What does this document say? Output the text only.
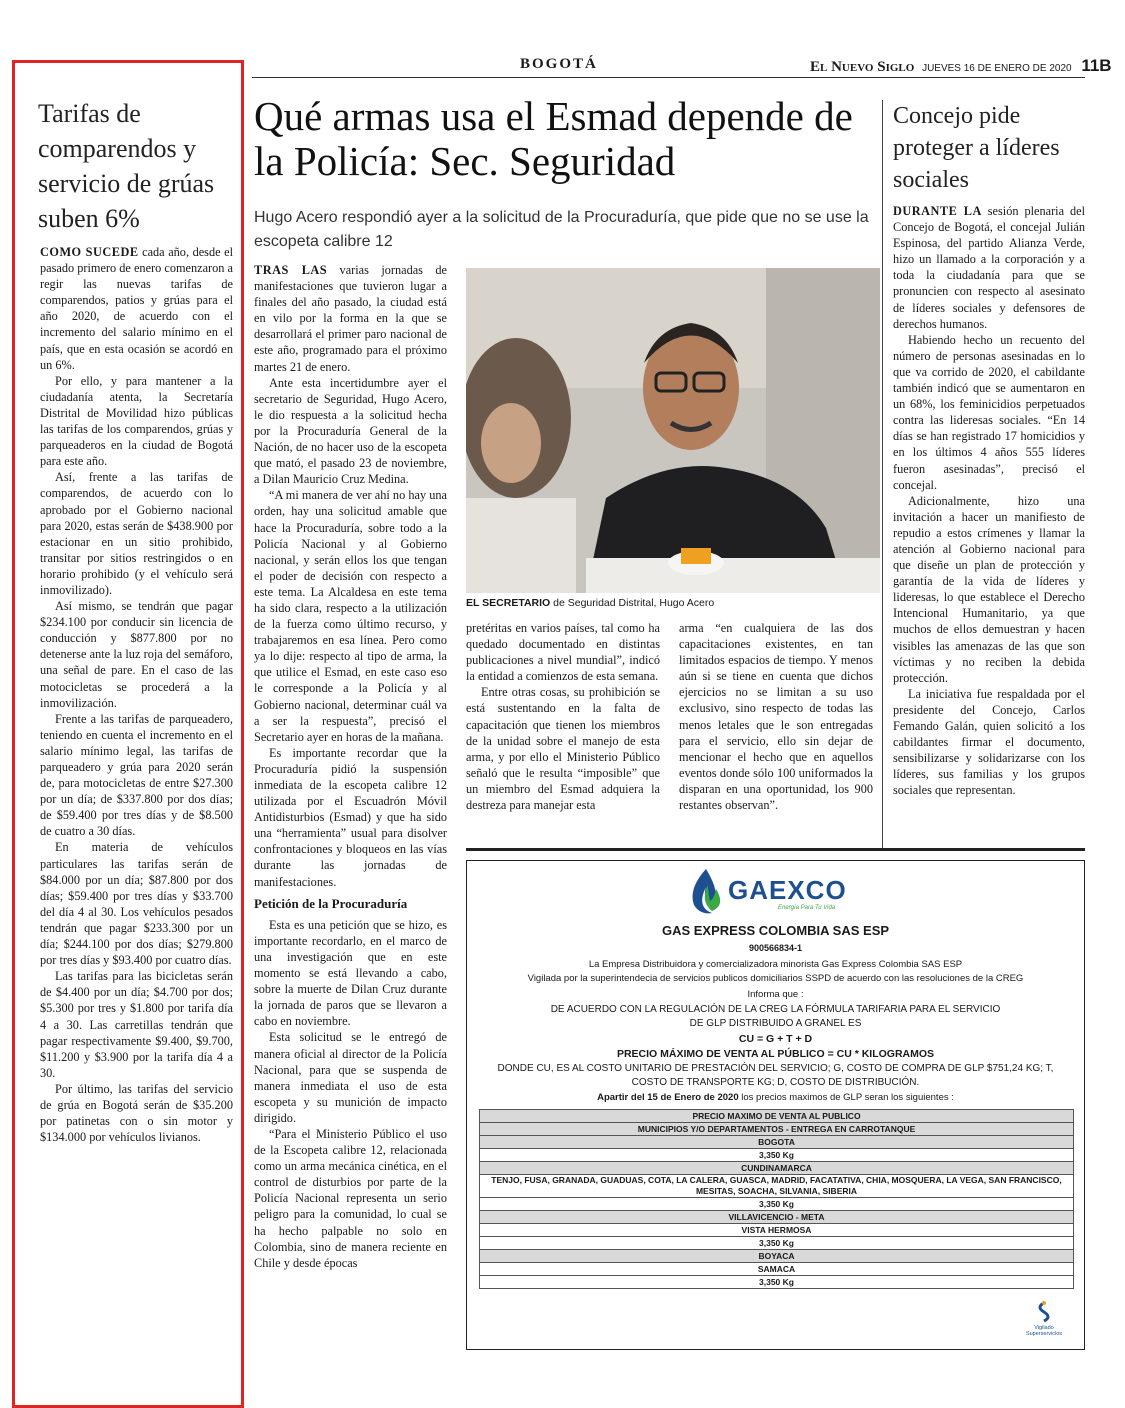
BOGOTÁ	El Nuevo Siglo JUEVES 16 DE ENERO DE 2020 11B
Tarifas de comparendos y servicio de grúas suben 6%

COMO SUCEDE cada año, desde el pasado primero de enero comenzaron a regir las nuevas tarifas de comparendos, patios y grúas para el año 2020, de acuerdo con el incremento del salario mínimo en el país, que en esta ocasión se acordó en un 6%.

Por ello, y para mantener a la ciudadanía atenta, la Secretaría Distrital de Movilidad hizo públicas las tarifas de los comparendos, grúas y parqueaderos en la ciudad de Bogotá para este año.

Así, frente a las tarifas de comparendos, de acuerdo con lo aprobado por el Gobierno nacional para 2020, estas serán de $438.900 por estacionar en un sitio prohibido, transitar por sitios restringidos o en horario prohibido (y el vehículo será inmovilizado).

Así mismo, se tendrán que pagar $234.100 por conducir sin licencia de conducción y $877.800 por no detenerse ante la luz roja del semáforo, una señal de pare. En el caso de las motocicletas se procederá a la inmovilización.

Frente a las tarifas de parqueadero, teniendo en cuenta el incremento en el salario mínimo legal, las tarifas de parqueadero y grúa para 2020 serán de, para motocicletas de entre $27.300 por un día; de $337.800 por dos días; de $59.400 por tres días y de $8.500 de cuatro a 30 días.

En materia de vehículos particulares las tarifas serán de $84.000 por un día; $87.800 por dos días; $59.400 por tres días y $33.700 del día 4 al 30. Los vehículos pesados tendrán que pagar $233.300 por un día; $244.100 por dos días; $279.800 por tres días y $93.400 por cuatro días.

Las tarifas para las bicicletas serán de $4.400 por un día; $4.700 por dos; $5.300 por tres y $1.800 por tarifa día 4 a 30. Las carretillas tendrán que pagar respectivamente $9.400, $9.700, $11.200 y $3.900 por la tarifa día 4 a 30.

Por último, las tarifas del servicio de grúa en Bogotá serán de $35.200 por patinetas con o sin motor y $134.000 por vehículos livianos.

Qué armas usa el Esmad depende de la Policía: Sec. Seguridad
Hugo Acero respondió ayer a la solicitud de la Procuraduría, que pide que no se use la escopeta calibre 12

TRAS LAS varias jornadas de manifestaciones que tuvieron lugar a finales del año pasado, la ciudad está en vilo por la forma en la que se desarrollará el primer paro nacional de este año, programado para el próximo martes 21 de enero.

Ante esta incertidumbre ayer el secretario de Seguridad, Hugo Acero, le dio respuesta a la solicitud hecha por la Procuraduría General de la Nación, de no hacer uso de la escopeta que mató, el pasado 23 de noviembre, a Dilan Mauricio Cruz Medina.

“A mi manera de ver ahí no hay una orden, hay una solicitud amable que hace la Procuraduría, sobre todo a la Policía Nacional y al Gobierno nacional, y serán ellos los que tengan el poder de decisión con respecto a este tema. La Alcaldesa en este tema ha sido clara, respecto a la utilización de la fuerza como último recurso, y trabajaremos en esa línea. Pero como ya lo dije: respecto al tipo de arma, la que utilice el Esmad, en este caso eso le corresponde a la Policía y al Gobierno nacional, determinar cuál va a ser la respuesta”, precisó el Secretario ayer en horas de la mañana.

Es importante recordar que la Procuraduría pidió la suspensión inmediata de la escopeta calibre 12 utilizada por el Escuadrón Móvil Antidisturbios (Esmad) y que ha sido una “herramienta” usual para disolver confrontaciones y bloqueos en las vías durante las jornadas de manifestaciones.

Petición de la Procuraduría

Esta es una petición que se hizo, es importante recordarlo, en el marco de una investigación que en este momento se está llevando a cabo, sobre la muerte de Dilan Cruz durante la jornada de paros que se llevaron a cabo en noviembre.

Esta solicitud se le entregó de manera oficial al director de la Policía Nacional, para que se suspenda de manera inmediata el uso de esta escopeta y su munición de impacto dirigido.

“Para el Ministerio Público el uso de la Escopeta calibre 12, relacionada como un arma mecánica cinética, en el control de disturbios por parte de la Policía Nacional representa un serio peligro para la comunidad, lo cual se ha hecho palpable no solo en Colombia, sino de manera reciente en Chile y desde épocas

EL SECRETARIO de Seguridad Distrital, Hugo Acero

pretéritas en varios países, tal como ha quedado documentado en distintas publicaciones a nivel mundial”, indicó la entidad a comienzos de esta semana.

Entre otras cosas, su prohibición se está sustentando en la falta de capacitación que tienen los miembros de la unidad sobre el manejo de esta arma, y por ello el Ministerio Público señaló que le resulta “imposible” que un miembro del Esmad adquiera la destreza para manejar esta

arma “en cualquiera de las dos capacitaciones existentes, en tan limitados espacios de tiempo. Y menos aún si se tiene en cuenta que dichos ejercicios no se limitan a su uso exclusivo, sino respecto de todas las menos letales que le son entregadas para el servicio, ello sin dejar de mencionar el hecho que en aquellos eventos donde sólo 100 uniformados la disparan en una oportunidad, los 900 restantes observan”.

Concejo pide proteger a líderes sociales

DURANTE LA sesión plenaria del Concejo de Bogotá, el concejal Julián Espinosa, del partido Alianza Verde, hizo un llamado a la corporación y a toda la ciudadanía para que se pronuncien con respecto al asesinato de líderes sociales y defensores de derechos humanos.

Habiendo hecho un recuento del número de personas asesinadas en lo que va corrido de 2020, el cabildante también indicó que se aumentaron en un 68%, los feminicidios perpetuados contra las lideresas sociales. “En 14 días se han registrado 17 homicidios y en los últimos 4 años 555 líderes fueron asesinadas”, precisó el concejal.

Adicionalmente, hizo una invitación a hacer un manifiesto de repudio a estos crímenes y llamar la atención al Gobierno nacional para que diseñe un plan de protección y garantía de la vida de líderes y lideresas, lo que establece el Derecho Intencional Humanitario, ya que muchos de ellos demuestran y hacen visibles las amenazas de las que son víctimas y no reciben la debida protección.

La iniciativa fue respaldada por el presidente del Concejo, Carlos Femando Galán, quien solicitó a los cabildantes firmar el documento, sensibilizarse y solidarizarse con los líderes, sus familias y los grupos sociales que representan.

GAEXCO
Energía Para Tu Vida
GAS EXPRESS COLOMBIA SAS ESP
900566834-1
La Empresa Distribuidora y comercializadora minorista Gas Express Colombia SAS ESP
Vigilada por la superintendecia de servicios publicos domiciliarios SSPD de acuerdo con las resoluciones de la CREG
Informa que :
DE ACUERDO CON LA REGULACIÓN DE LA CREG LA FÓRMULA TARIFARIA PARA EL SERVICIO
DE GLP DISTRIBUIDO A GRANEL ES
CU = G + T + D
PRECIO MÁXIMO DE VENTA AL PÚBLICO = CU * KILOGRAMOS
DONDE CU, ES AL COSTO UNITARIO DE PRESTACIÓN DEL SERVICIO; G, COSTO DE COMPRA DE GLP $751,24 KG; T,
COSTO DE TRANSPORTE KG; D, COSTO DE DISTRIBUCIÓN.
Apartir del 15 de Enero de 2020 los precios maximos de GLP seran los siguientes :
PRECIO MAXIMO DE VENTA AL PUBLICO
MUNICIPIOS Y/O DEPARTAMENTOS - ENTREGA EN CARROTANQUE
BOGOTA
3,350 Kg
CUNDINAMARCA
TENJO, FUSA, GRANADA, GUADUAS, COTA, LA CALERA, GUASCA, MADRID, FACATATIVA, CHIA, MOSQUERA, LA VEGA, SAN FRANCISCO, MESITAS, SOACHA, SILVANIA, SIBERIA
3,350 Kg
VILLAVICENCIO - META
VISTA HERMOSA
3,350 Kg
BOYACA
SAMACA
3,350 Kg
Vigilado Superservicios
